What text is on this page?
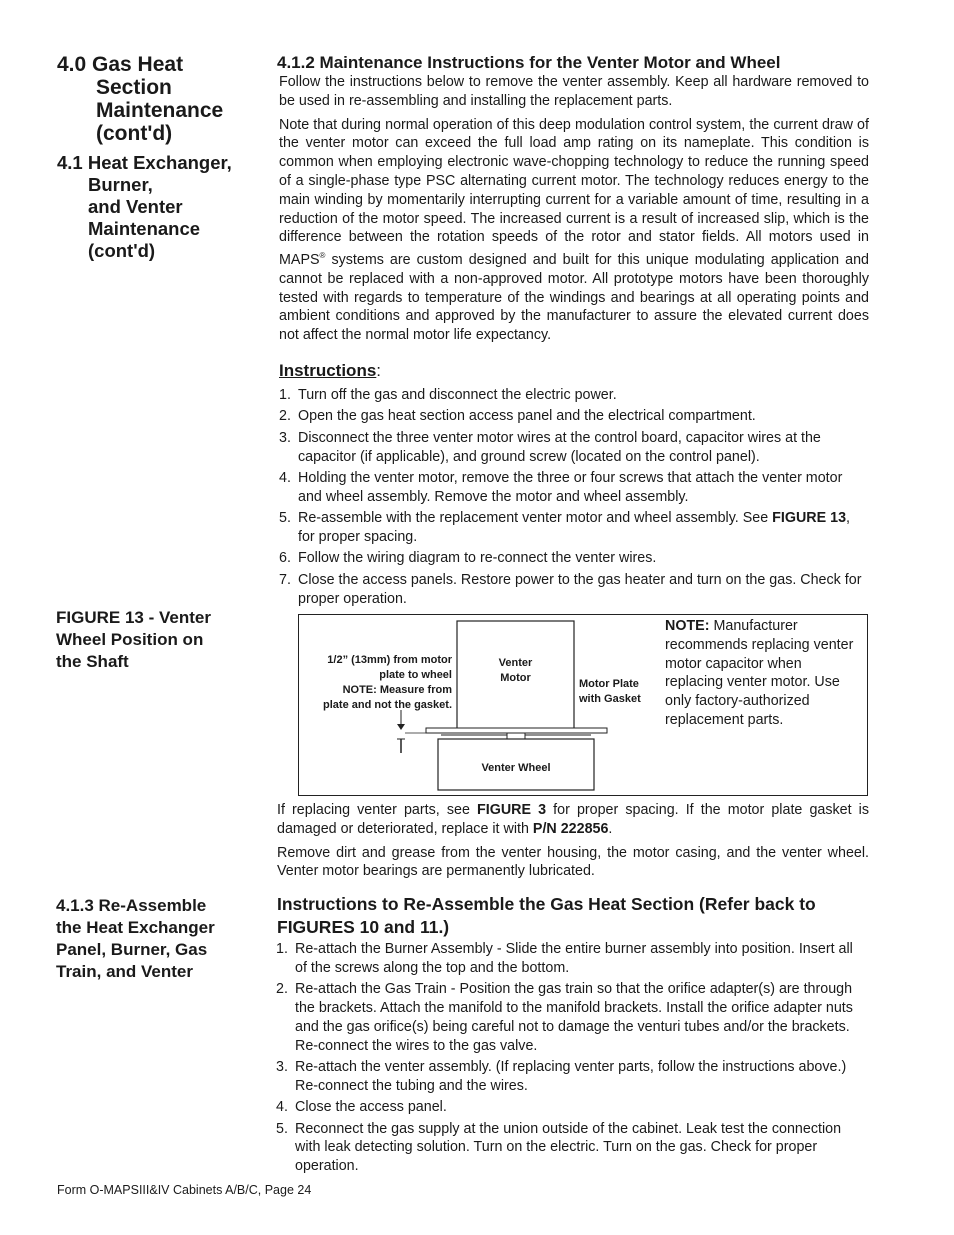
4.0 Gas Heat
Section
Maintenance
(cont'd)
4.1 Heat Exchanger,
Burner,
and Venter
Maintenance
(cont'd)
FIGURE 13 - Venter
Wheel Position on
the Shaft
4.1.3 Re-Assemble
the Heat Exchanger
Panel, Burner, Gas
Train, and Venter
4.1.2 Maintenance Instructions for the Venter Motor and Wheel

Follow the instructions below to remove the venter assembly. Keep all hardware removed to be used in re-assembling and installing the replacement parts.

Note that during normal operation of this deep modulation control system, the current draw of the venter motor can exceed the full load amp rating on its nameplate. This condition is common when employing electronic wave-chopping technology to reduce the running speed of a single-phase type PSC alternating current motor. The technology reduces energy to the main winding by momentarily interrupting current for a variable amount of time, resulting in a reduction of the motor speed. The increased current is a result of increased slip, which is the difference between the rotation speeds of the rotor and stator fields. All motors used in MAPS® systems are custom designed and built for this unique modulating application and cannot be replaced with a non-approved motor. All prototype motors have been thoroughly tested with regards to temperature of the windings and bearings at all operating points and ambient conditions and approved by the manufacturer to assure the elevated current does not affect the normal motor life expectancy.

Instructions:
1. Turn off the gas and disconnect the electric power.
2. Open the gas heat section access panel and the electrical compartment.
3. Disconnect the three venter motor wires at the control board, capacitor wires at the capacitor (if applicable), and ground screw (located on the control panel).
4. Holding the venter motor, remove the three or four screws that attach the venter motor and wheel assembly. Remove the motor and wheel assembly.
5. Re-assemble with the replacement venter motor and wheel assembly. See FIGURE 13, for proper spacing.
6. Follow the wiring diagram to re-connect the venter wires.
7. Close the access panels. Restore power to the gas heater and turn on the gas. Check for proper operation.
1/2” (13mm) from motor
plate to wheel
NOTE: Measure from
plate and not the gasket.
Venter
Motor	Motor Plate
with Gasket
Venter Wheel
NOTE: Manufacturer recommends replacing venter motor capacitor when replacing venter motor. Use only factory-authorized replacement parts.

If replacing venter parts, see FIGURE 3 for proper spacing. If the motor plate gasket is damaged or deteriorated, replace it with P/N 222856.

Remove dirt and grease from the venter housing, the motor casing, and the venter wheel. Venter motor bearings are permanently lubricated.

Instructions to Re-Assemble the Gas Heat Section (Refer back to
FIGURES 10 and 11.)
1. Re-attach the Burner Assembly - Slide the entire burner assembly into position. Insert all of the screws along the top and the bottom.
2. Re-attach the Gas Train - Position the gas train so that the orifice adapter(s) are through the brackets. Attach the manifold to the manifold brackets. Install the orifice adapter nuts and the gas orifice(s) being careful not to damage the venturi tubes and/or the brackets. Re-connect the wires to the gas valve.
3. Re-attach the venter assembly. (If replacing venter parts, follow the instructions above.) Re-connect the tubing and the wires.
4. Close the access panel.
5. Reconnect the gas supply at the union outside of the cabinet. Leak test the connection with leak detecting solution. Turn on the electric. Turn on the gas. Check for proper operation.
Form O-MAPSIII&IV Cabinets A/B/C, Page 24
